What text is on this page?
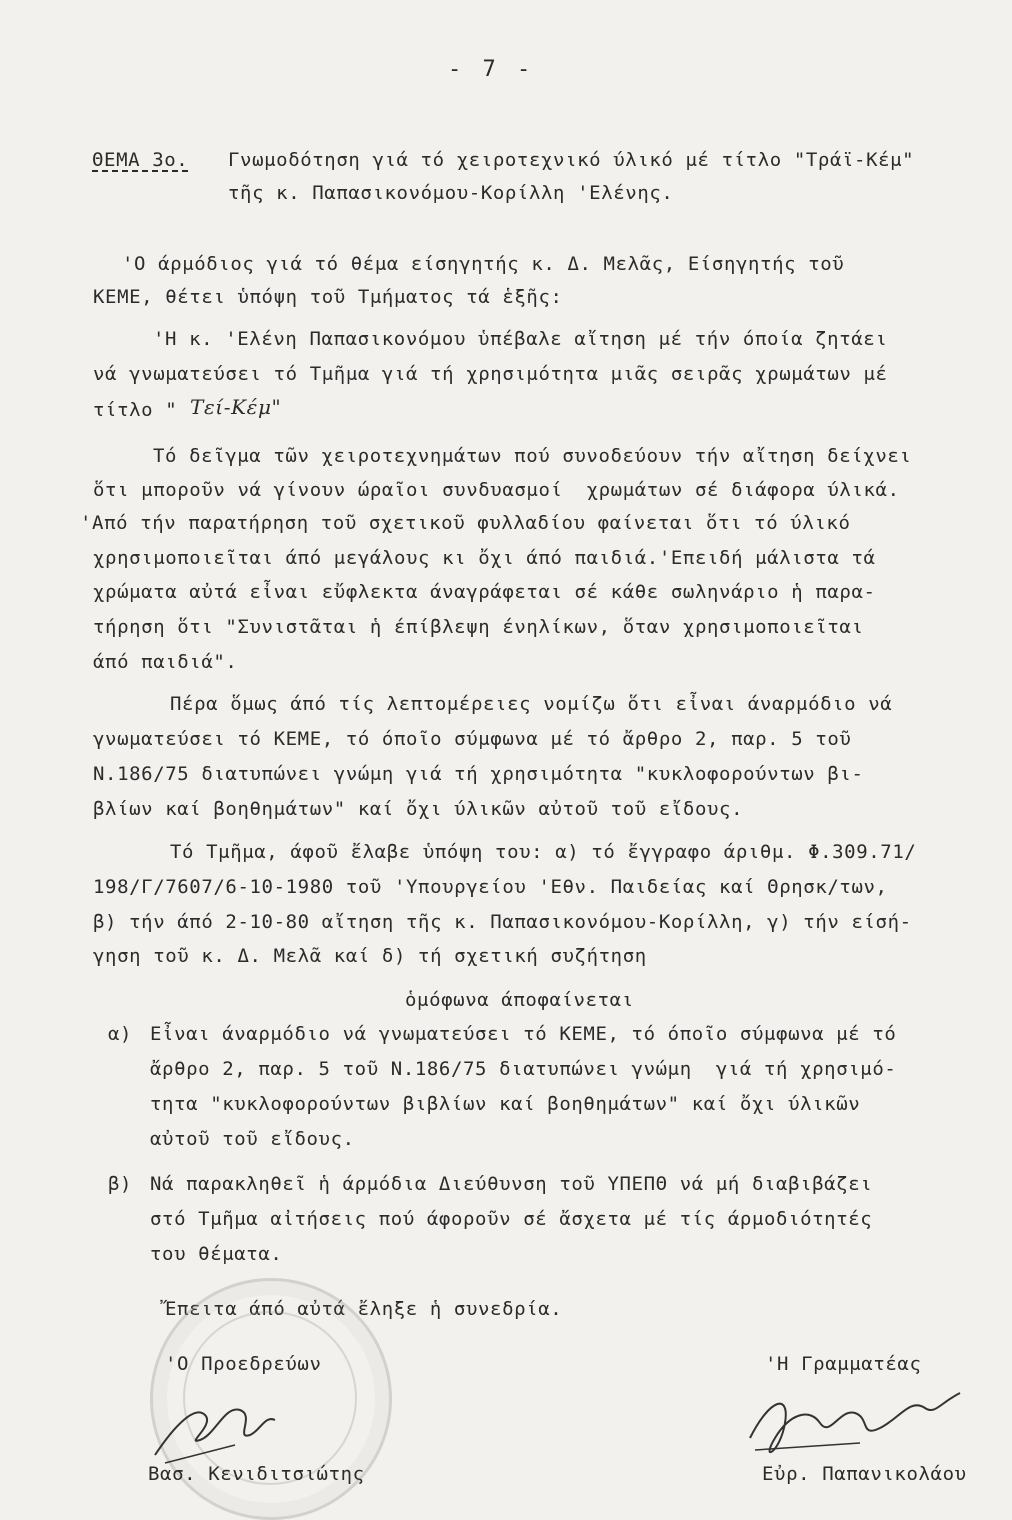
- 7 -
ΘΕΜΑ 3ο. Γνωμοδότηση γιά τό χειροτεχνικό ύλικό μέ τίτλο "Τράϊ-Κέμ"
τῆς κ. Παπασικονόμου-Κορίλλη 'Ελένης.
'Ο άρμόδιος γιά τό θέμα είσηγητής κ. Δ. Μελᾶς, Είσηγητής τοῦ
ΚΕΜΕ, θέτει ὑπόψη τοῦ Τμήματος τά ἑξῆς:
'Η κ. 'Ελένη Παπασικονόμου ὑπέβαλε αἴτηση μέ τήν όποία ζητάει
νά γνωματεύσει τό Τμῆμα γιά τή χρησιμότητα μιᾶς σειρᾶς χρωμάτων μέ
τίτλο " Τεί-Κέμ"
Τό δεῖγμα τῶν χειροτεχνημάτων πού συνοδεύουν τήν αἴτηση δείχνει
ὅτι μποροῦν νά γίνουν ώραῖοι συνδυασμοί  χρωμάτων σέ διάφορα ύλικά.
'Από τήν παρατήρηση τοῦ σχετικοῦ φυλλαδίου φαίνεται ὅτι τό ύλικό
χρησιμοποιεῖται άπό μεγάλους κι ὄχι άπό παιδιά.'Επειδή μάλιστα τά
χρώματα αὐτά εἶναι εὔφλεκτα άναγράφεται σέ κάθε σωληνάριο ἡ παρα-
τήρηση ὅτι "Συνιστᾶται ἡ έπίβλεψη ένηλίκων, ὅταν χρησιμοποιεῖται
άπό παιδιά".
Πέρα ὅμως άπό τίς λεπτομέρειες νομίζω ὅτι εἶναι άναρμόδιο νά
γνωματεύσει τό ΚΕΜΕ, τό όποῖο σύμφωνα μέ τό ἄρθρο 2, παρ. 5 τοῦ
Ν.186/75 διατυπώνει γνώμη γιά τή χρησιμότητα "κυκλοφορούντων βι-
βλίων καί βοηθημάτων" καί ὄχι ύλικῶν αὐτοῦ τοῦ εἴδους.
Τό Τμῆμα, άφοῦ ἔλαβε ὑπόψη του: α) τό ἔγγραφο άριθμ. Φ.309.71/
198/Γ/7607/6-10-1980 τοῦ 'Υπουργείου 'Εθν. Παιδείας καί Θρησκ/των,
β) τήν άπό 2-10-80 αἴτηση τῆς κ. Παπασικονόμου-Κορίλλη, γ) τήν είσή-
γηση τοῦ κ. Δ. Μελᾶ καί δ) τή σχετική συζήτηση
ὁμόφωνα άποφαίνεται
α) Εἶναι άναρμόδιο νά γνωματεύσει τό ΚΕΜΕ, τό όποῖο σύμφωνα μέ τό
ἄρθρο 2, παρ. 5 τοῦ Ν.186/75 διατυπώνει γνώμη  γιά τή χρησιμό-
τητα "κυκλοφορούντων βιβλίων καί βοηθημάτων" καί ὄχι ύλικῶν
αὐτοῦ τοῦ εἴδους.
β) Νά παρακληθεῖ ἡ άρμόδια Διεύθυνση τοῦ ΥΠΕΠΘ νά μή διαβιβάζει
στό Τμῆμα αἰτήσεις πού άφοροῦν σέ ἄσχετα μέ τίς άρμοδιότητές
του θέματα.
Ἔπειτα άπό αὐτά ἔληξε ἡ συνεδρία.
'Ο Προεδρεύων	'Η Γραμματέας
Βασ. Κενιδιτσιώτης	Εὐρ. Παπανικολάου
